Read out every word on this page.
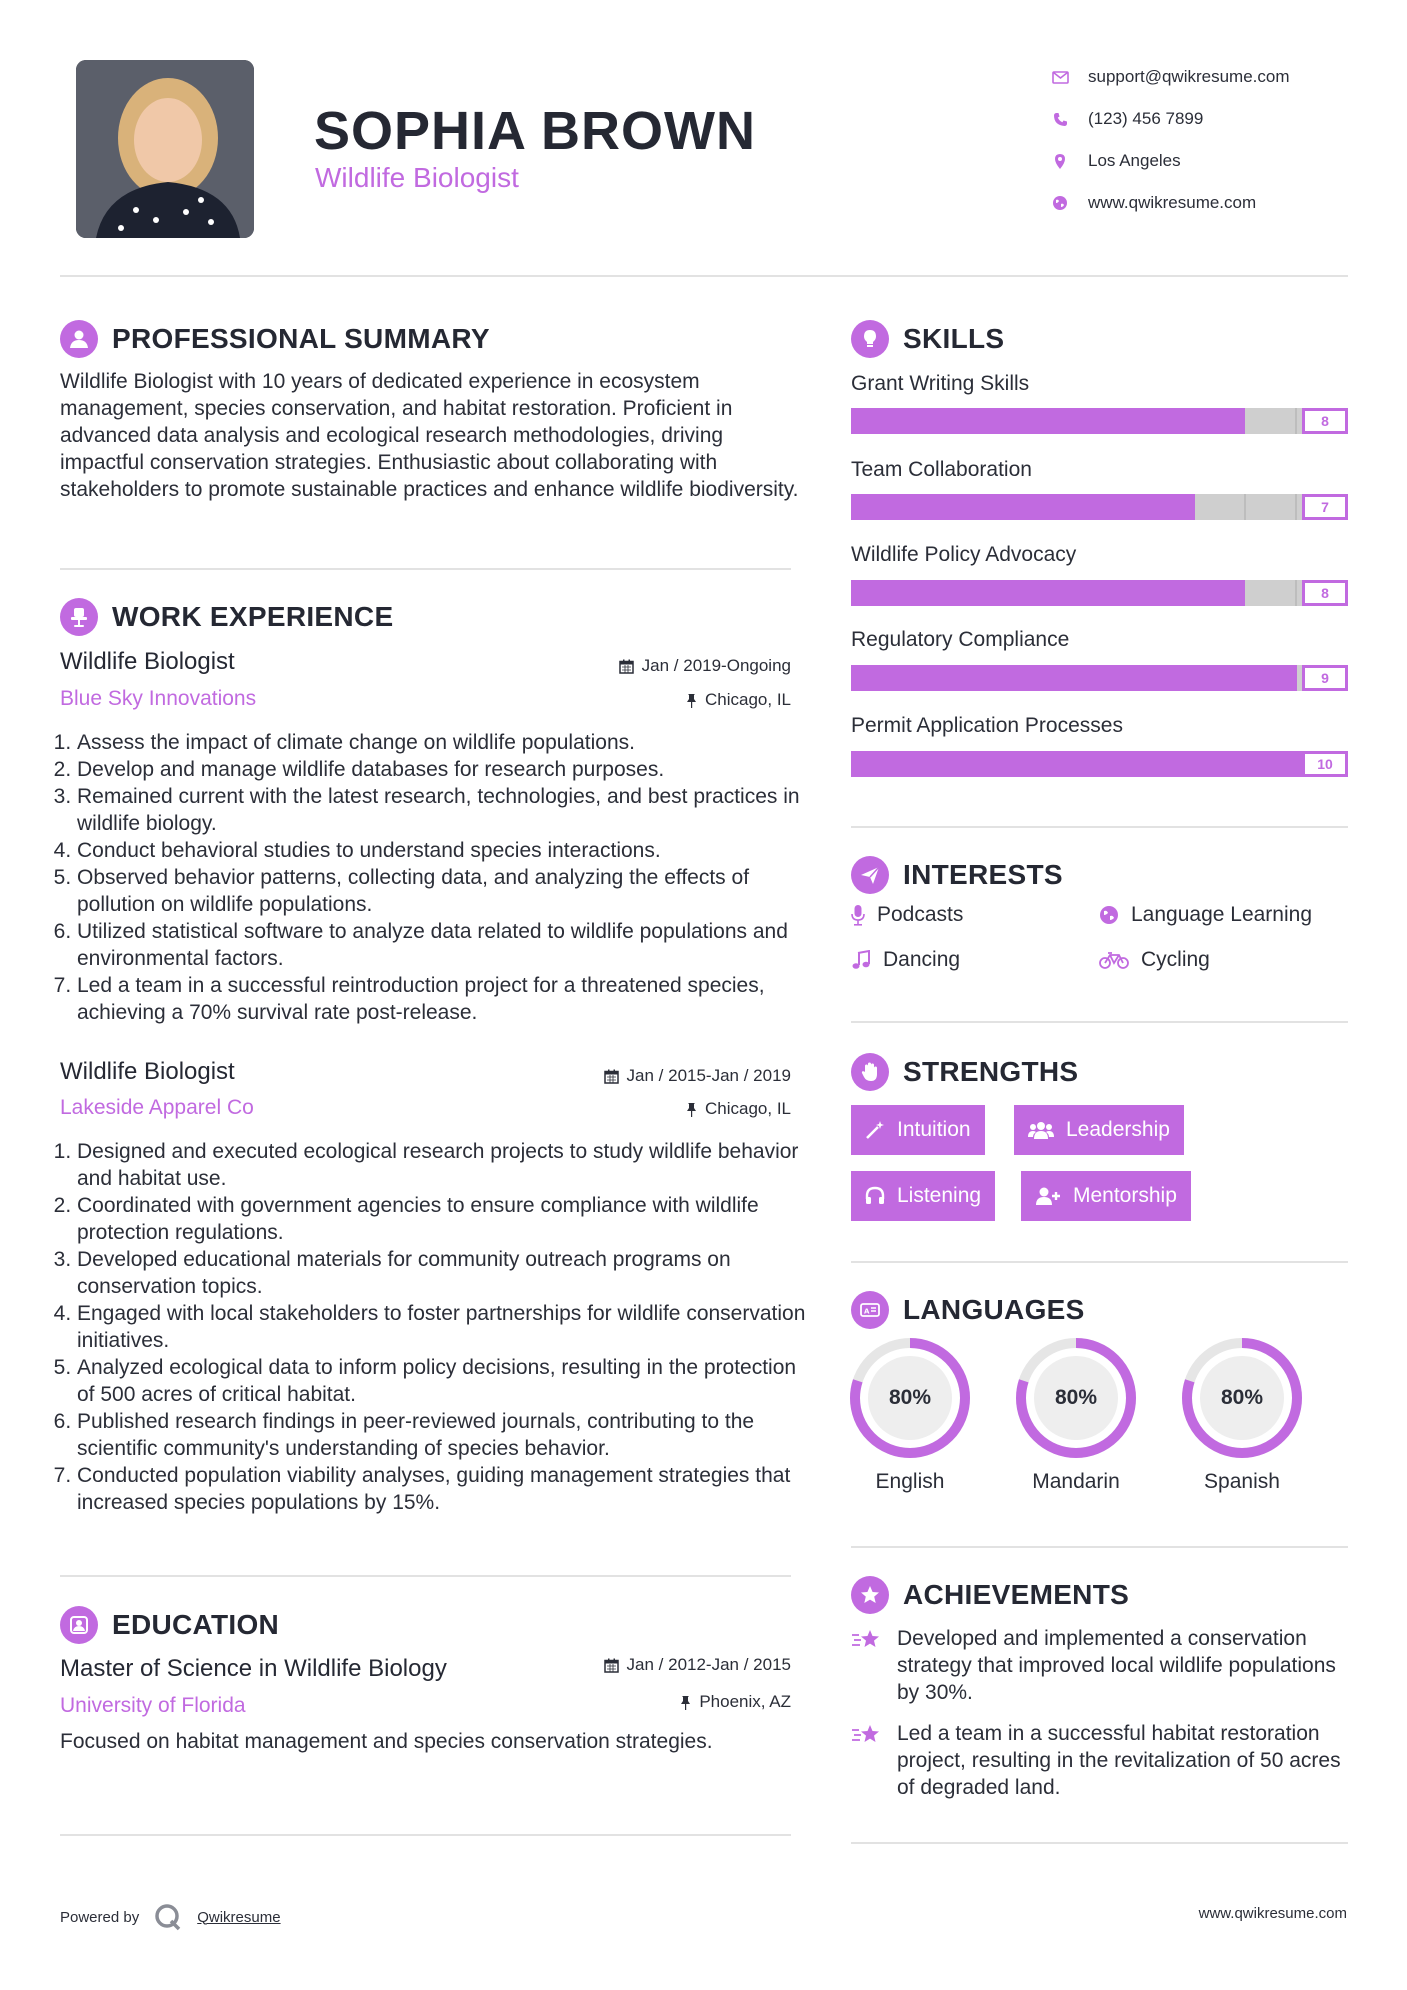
SOPHIA BROWN
Wildlife Biologist
support@qwikresume.com
(123) 456 7899
Los Angeles
www.qwikresume.com
PROFESSIONAL SUMMARY
Wildlife Biologist with 10 years of dedicated experience in ecosystem management, species conservation, and habitat restoration. Proficient in advanced data analysis and ecological research methodologies, driving impactful conservation strategies. Enthusiastic about collaborating with stakeholders to promote sustainable practices and enhance wildlife biodiversity.
WORK EXPERIENCE
Wildlife Biologist	Jan / 2019-Ongoing
Blue Sky Innovations	Chicago, IL
1. Assess the impact of climate change on wildlife populations.
2. Develop and manage wildlife databases for research purposes.
3. Remained current with the latest research, technologies, and best practices in wildlife biology.
4. Conduct behavioral studies to understand species interactions.
5. Observed behavior patterns, collecting data, and analyzing the effects of pollution on wildlife populations.
6. Utilized statistical software to analyze data related to wildlife populations and environmental factors.
7. Led a team in a successful reintroduction project for a threatened species, achieving a 70% survival rate post-release.
Wildlife Biologist	Jan / 2015-Jan / 2019
Lakeside Apparel Co	Chicago, IL
1. Designed and executed ecological research projects to study wildlife behavior and habitat use.
2. Coordinated with government agencies to ensure compliance with wildlife protection regulations.
3. Developed educational materials for community outreach programs on conservation topics.
4. Engaged with local stakeholders to foster partnerships for wildlife conservation initiatives.
5. Analyzed ecological data to inform policy decisions, resulting in the protection of 500 acres of critical habitat.
6. Published research findings in peer-reviewed journals, contributing to the scientific community's understanding of species behavior.
7. Conducted population viability analyses, guiding management strategies that increased species populations by 15%.
EDUCATION
Master of Science in Wildlife Biology	Jan / 2012-Jan / 2015
University of Florida	Phoenix, AZ
Focused on habitat management and species conservation strategies.
SKILLS
Grant Writing Skills
8
Team Collaboration
7
Wildlife Policy Advocacy
8
Regulatory Compliance
9
Permit Application Processes
10
INTERESTS
Podcasts	Language Learning
Dancing	Cycling
STRENGTHS
Intuition	Leadership
Listening	Mentorship
A LANGUAGES
80%
English
80%
Mandarin
80%
Spanish
ACHIEVEMENTS
Developed and implemented a conservation strategy that improved local wildlife populations by 30%.
Led a team in a successful habitat restoration project, resulting in the revitalization of 50 acres of degraded land.
Powered by	Qwikresume	www.qwikresume.com
